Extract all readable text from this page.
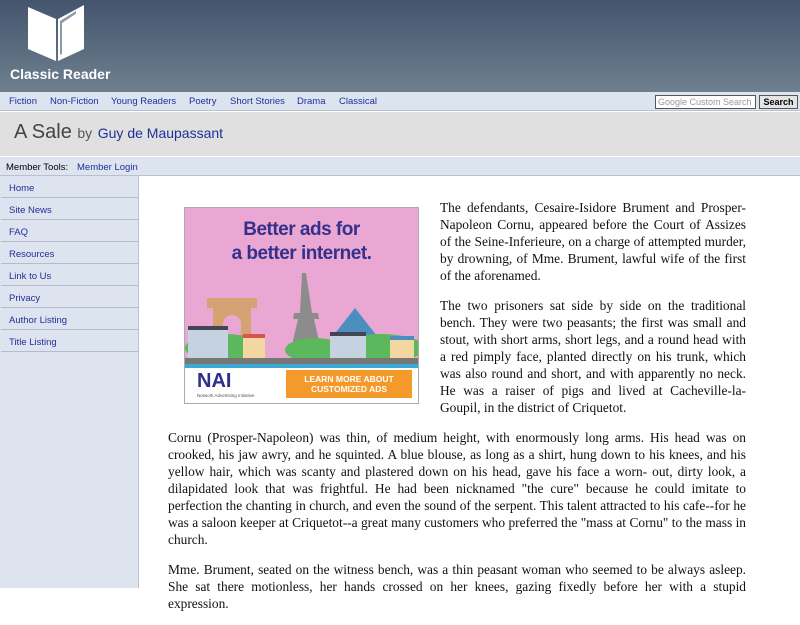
Classic Reader
Fiction Non-Fiction Young Readers Poetry Short Stories Drama Classical	Google Custom Search	Search
A Sale by Guy de Maupassant
Member Tools: Member Login
Home
Site News
FAQ
Resources
Link to Us
Privacy
Author Listing
Title Listing
Better ads for
a better internet.
NAI
Network Advertising Initiative
LEARN MORE ABOUT CUSTOMIZED ADS

The defendants, Cesaire-Isidore Brument and Prosper-Napoleon Cornu, appeared before the Court of Assizes of the Seine-Inferieure, on a charge of attempted murder, by drowning, of Mme. Brument, lawful wife of the first of the aforenamed.

The two prisoners sat side by side on the traditional bench. They were two peasants; the first was small and stout, with short arms, short legs, and a round head with a red pimply face, planted directly on his trunk, which was also round and short, and with apparently no neck. He was a raiser of pigs and lived at Cacheville-la-Goupil, in the district of Criquetot.

Cornu (Prosper-Napoleon) was thin, of medium height, with enormously long arms. His head was on crooked, his jaw awry, and he squinted. A blue blouse, as long as a shirt, hung down to his knees, and his yellow hair, which was scanty and plastered down on his head, gave his face a worn- out, dirty look, a dilapidated look that was frightful. He had been nicknamed "the cure" because he could imitate to perfection the chanting in church, and even the sound of the serpent. This talent attracted to his cafe--for he was a saloon keeper at Criquetot--a great many customers who preferred the "mass at Cornu" to the mass in church.

Mme. Brument, seated on the witness bench, was a thin peasant woman who seemed to be always asleep. She sat there motionless, her hands crossed on her knees, gazing fixedly before her with a stupid expression.
